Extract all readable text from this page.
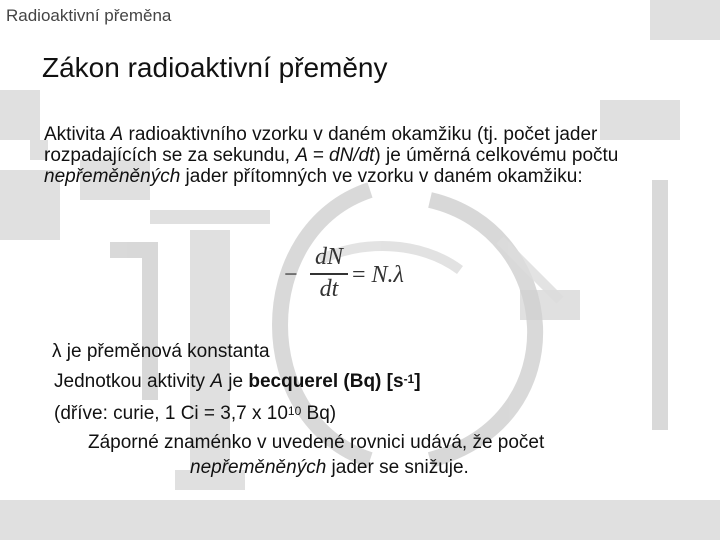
Radioaktivní přeměna
Zákon radioaktivní přeměny
Aktivita A radioaktivního vzorku v daném okamžiku (tj. počet jader rozpadajících se za sekundu, A = dN/dt) je úměrná celkovému počtu nepřeměněných jader přítomných ve vzorku v daném okamžiku:
−
dN
dt
= N.λ
λ je přeměnová konstanta
Jednotkou aktivity A je becquerel (Bq) $[s^{-1}]$
(dříve: curie, 1 Ci = 3,7 x $10^{10}$ Bq)
Záporné znaménko v uvedené rovnici udává, že počet
nepřeměněných jader se snižuje.
